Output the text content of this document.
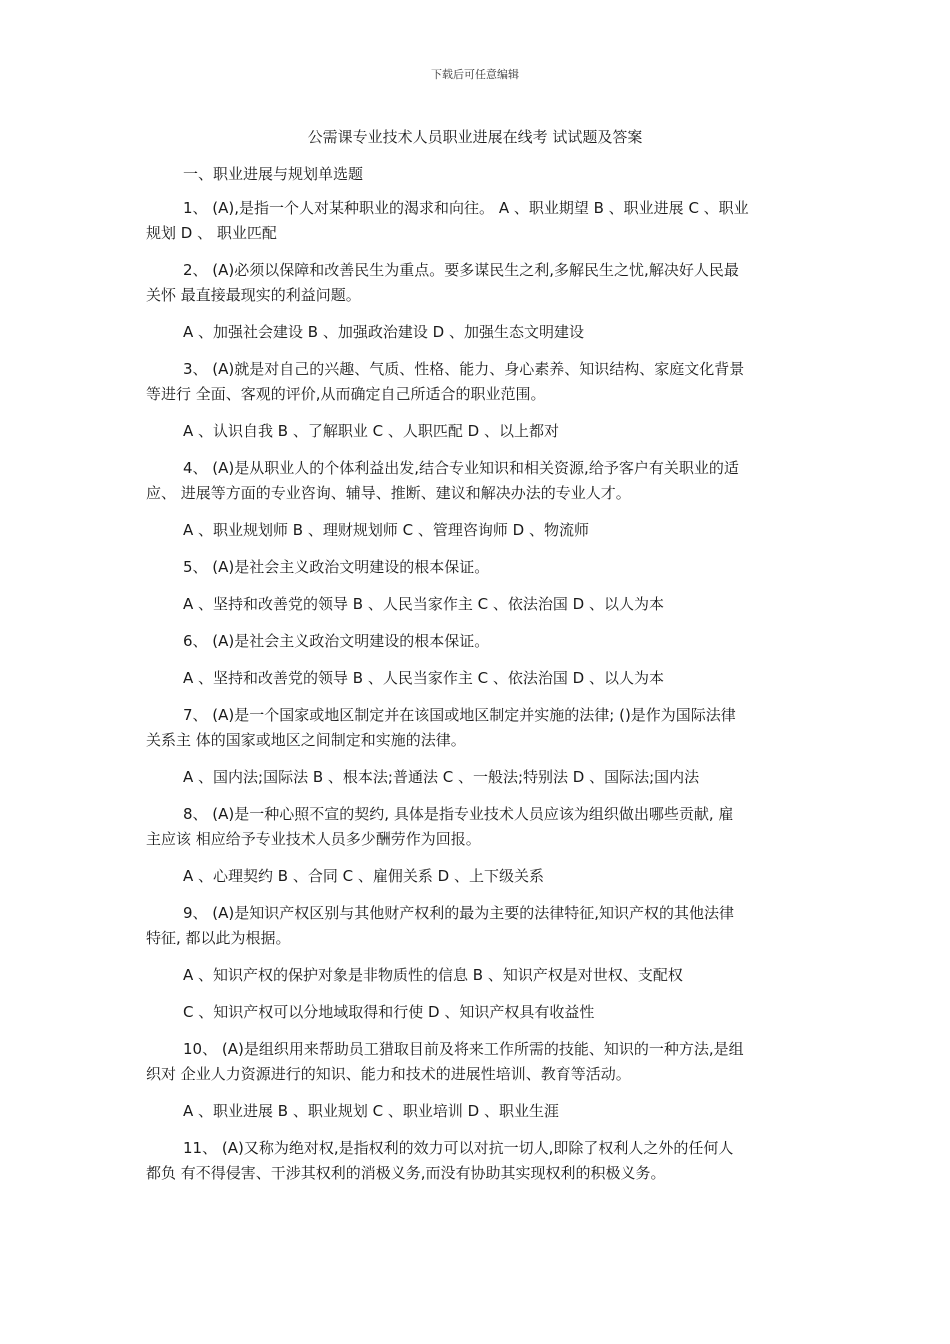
下载后可任意编辑
公需课专业技术人员职业进展在线考 试试题及答案
一、职业进展与规划单选题
1、 (A),是指一个人对某种职业的渴求和向往。 A 、职业期望 B 、职业进展 C 、职业
规划 D 、 职业匹配
2、 (A)必须以保障和改善民生为重点。要多谋民生之利,多解民生之忧,解决好人民最
关怀 最直接最现实的利益问题。
A 、加强社会建设 B 、加强政治建设 D 、加强生态文明建设
3、 (A)就是对自己的兴趣、气质、性格、能力、身心素养、知识结构、家庭文化背景
等进行 全面、客观的评价,从而确定自己所适合的职业范围。
A 、认识自我 B 、了解职业 C 、人职匹配 D 、以上都对
4、 (A)是从职业人的个体利益出发,结合专业知识和相关资源,给予客户有关职业的适
应、 进展等方面的专业咨询、辅导、推断、建议和解决办法的专业人才。
A 、职业规划师 B 、理财规划师 C 、管理咨询师 D 、物流师
5、 (A)是社会主义政治文明建设的根本保证。
A 、坚持和改善党的领导 B 、人民当家作主 C 、依法治国 D 、以人为本
6、 (A)是社会主义政治文明建设的根本保证。
A 、坚持和改善党的领导 B 、人民当家作主 C 、依法治国 D 、以人为本
7、 (A)是一个国家或地区制定并在该国或地区制定并实施的法律; ()是作为国际法律
关系主 体的国家或地区之间制定和实施的法律。
A 、国内法;国际法 B 、根本法;普通法 C 、一般法;特别法 D 、国际法;国内法
8、 (A)是一种心照不宣的契约, 具体是指专业技术人员应该为组织做出哪些贡献, 雇
主应该 相应给予专业技术人员多少酬劳作为回报。
A 、心理契约 B 、合同 C 、雇佣关系 D 、上下级关系
9、 (A)是知识产权区别与其他财产权利的最为主要的法律特征,知识产权的其他法律
特征, 都以此为根据。
A 、知识产权的保护对象是非物质性的信息 B 、知识产权是对世权、支配权
C 、知识产权可以分地域取得和行使 D 、知识产权具有收益性
10、 (A)是组织用来帮助员工猎取目前及将来工作所需的技能、知识的一种方法,是组
织对 企业人力资源进行的知识、能力和技术的进展性培训、教育等活动。
A 、职业进展 B 、职业规划 C 、职业培训 D 、职业生涯
11、 (A)又称为绝对权,是指权利的效力可以对抗一切人,即除了权利人之外的任何人
都负 有不得侵害、干涉其权利的消极义务,而没有协助其实现权利的积极义务。
